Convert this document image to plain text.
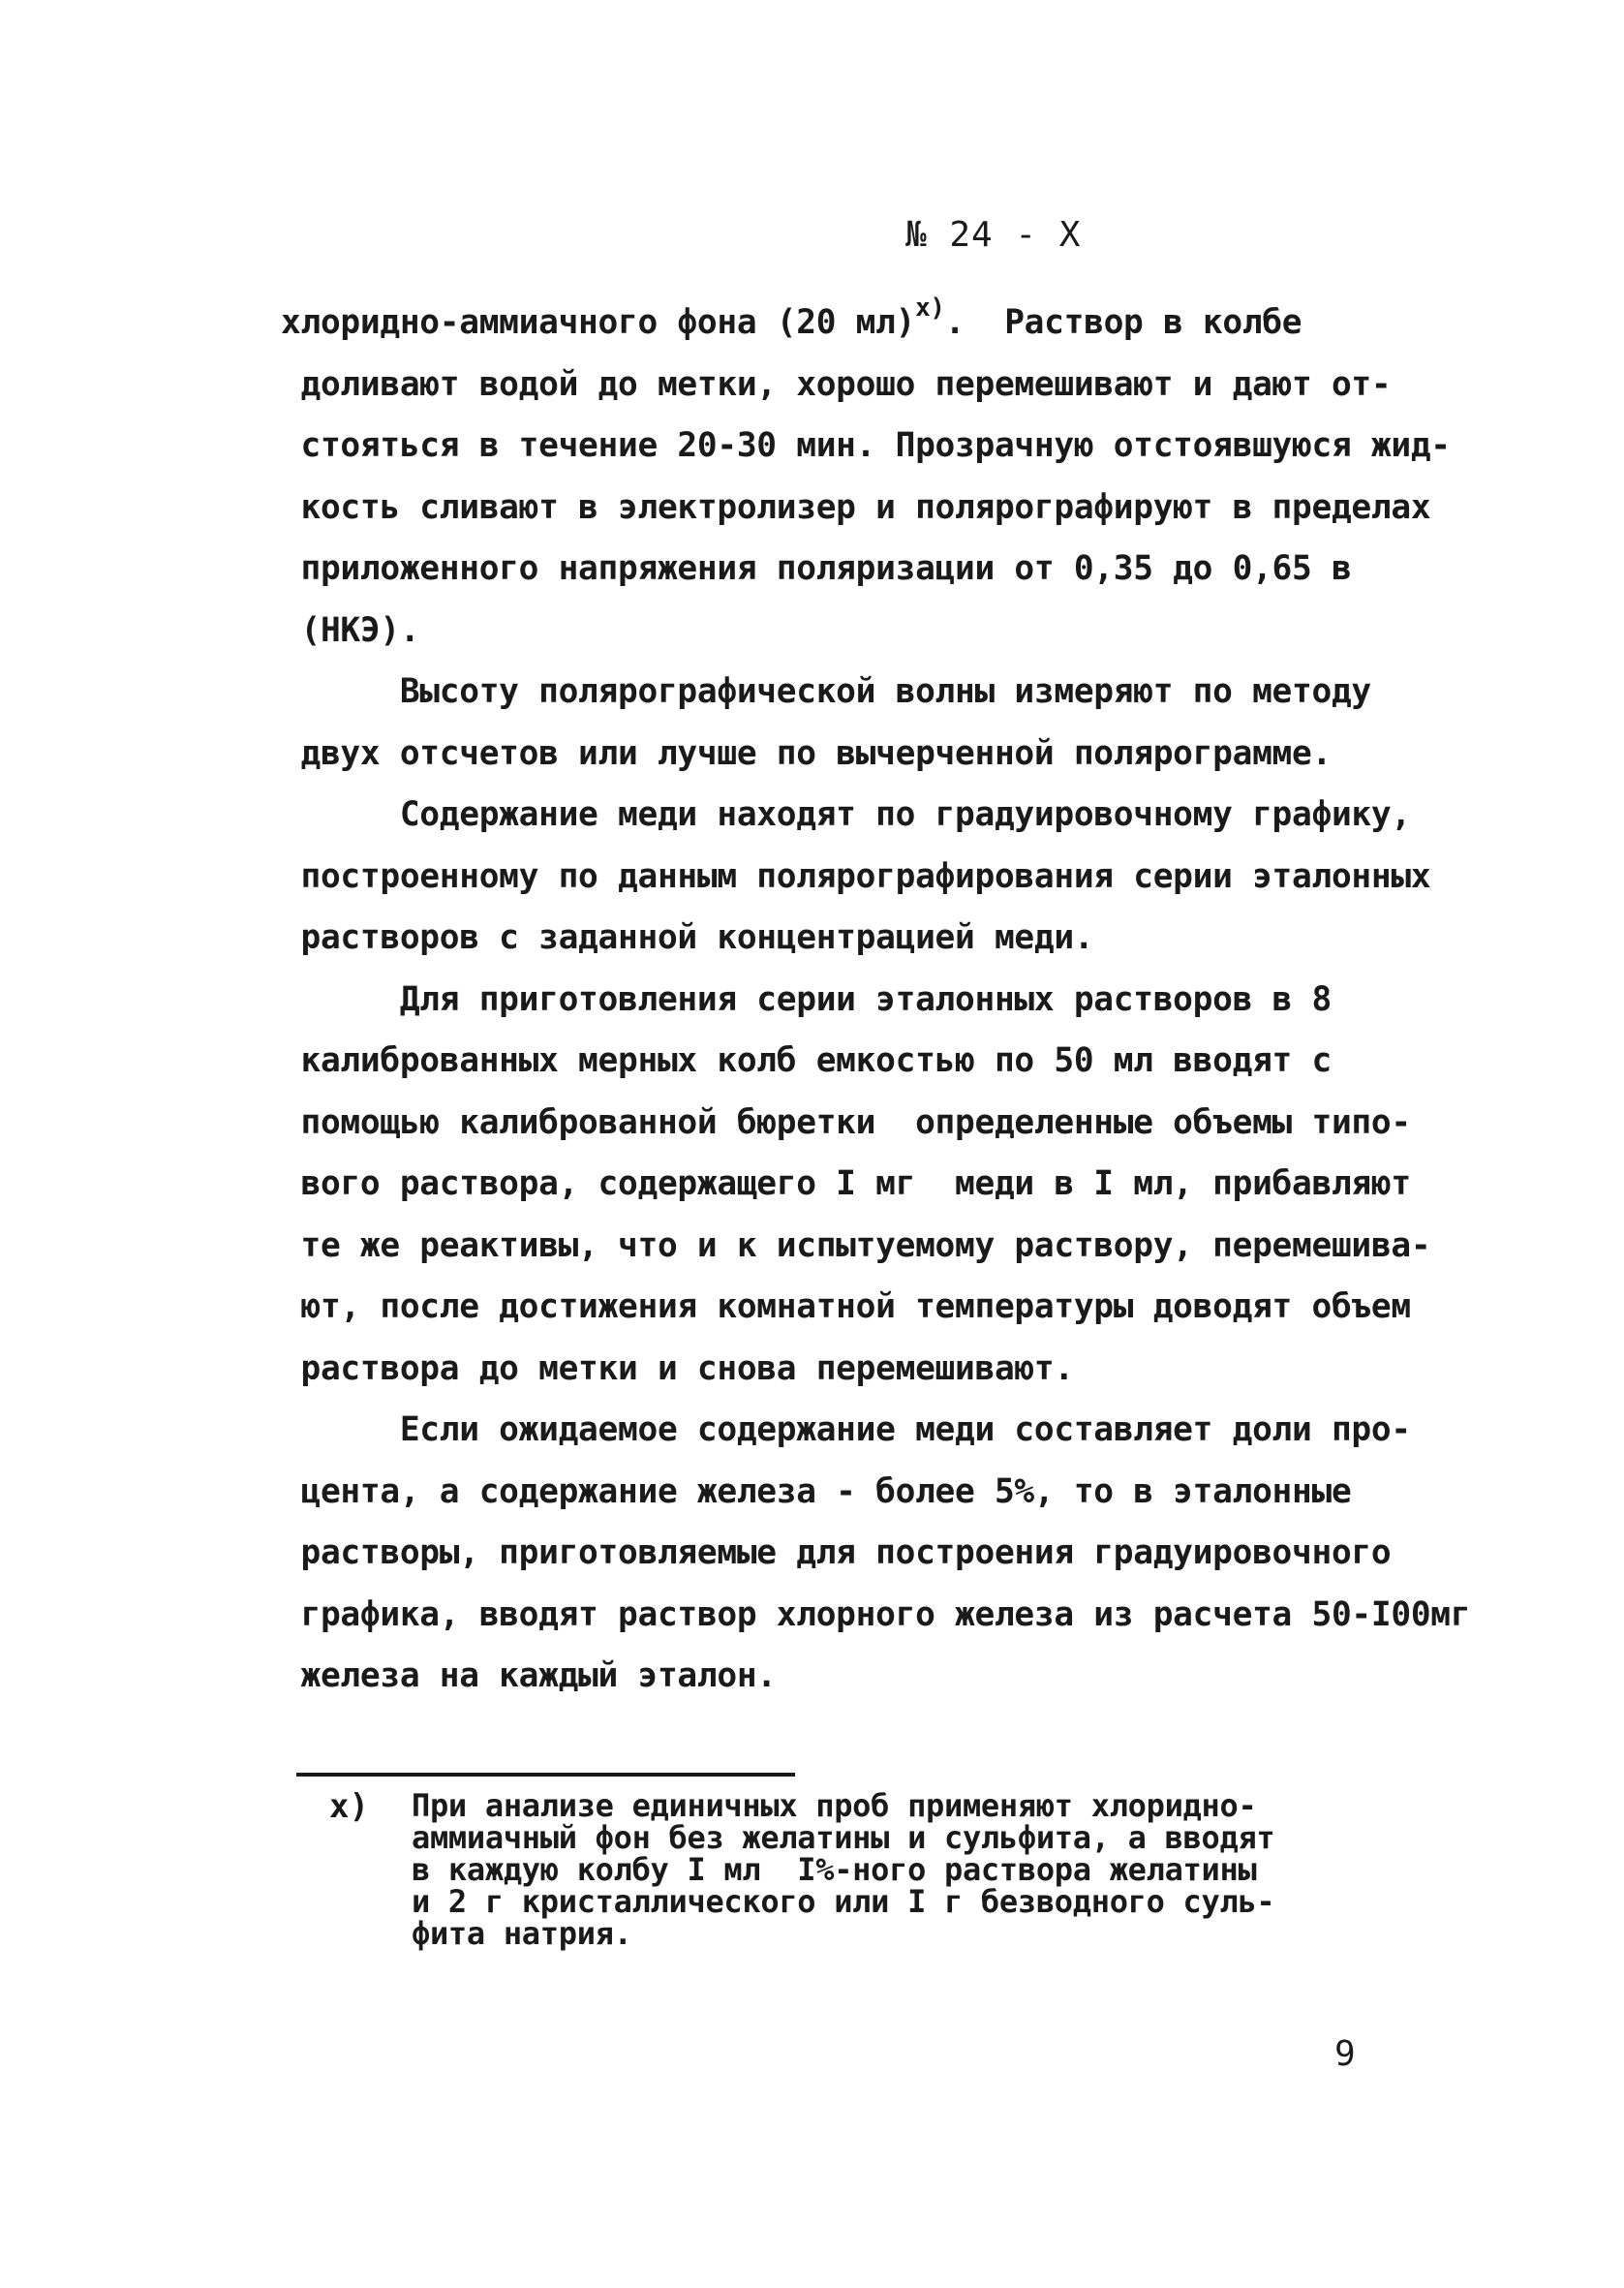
№ 24 - X
хлоридно-аммиачного фона (20 мл)$^{x)}$.  Раствор в колбе
доливают водой до метки, хорошо перемешивают и дают от-
стояться в течение 20-30 мин. Прозрачную отстоявшуюся жид-
кость сливают в электролизер и полярографируют в пределах
приложенного напряжения поляризации от 0,35 до 0,65 в
(НКЭ).
Высоту полярографической волны измеряют по методу
двух отсчетов или лучше по вычерченной полярограмме.
Содержание меди находят по градуировочному графику,
построенному по данным полярографирования серии эталонных
растворов с заданной концентрацией меди.
Для приготовления серии эталонных растворов в 8
калиброванных мерных колб емкостью по 50 мл вводят с
помощью калиброванной бюретки  определенные объемы типо-
вого раствора, содержащего I мг  меди в I мл, прибавляют
те же реактивы, что и к испытуемому раствору, перемешива-
ют, после достижения комнатной температуры доводят объем
раствора до метки и снова перемешивают.
Если ожидаемое содержание меди составляет доли про-
цента, а содержание железа - более 5%, то в эталонные
растворы, приготовляемые для построения градуировочного
графика, вводят раствор хлорного железа из расчета 50-I00мг
железа на каждый эталон.
x) При анализе единичных проб применяют хлоридно-
аммиачный фон без желатины и сульфита, а вводят
в каждую колбу I мл  I%-ного раствора желатины
и 2 г кристаллического или I г безводного суль-
фита натрия.
9
